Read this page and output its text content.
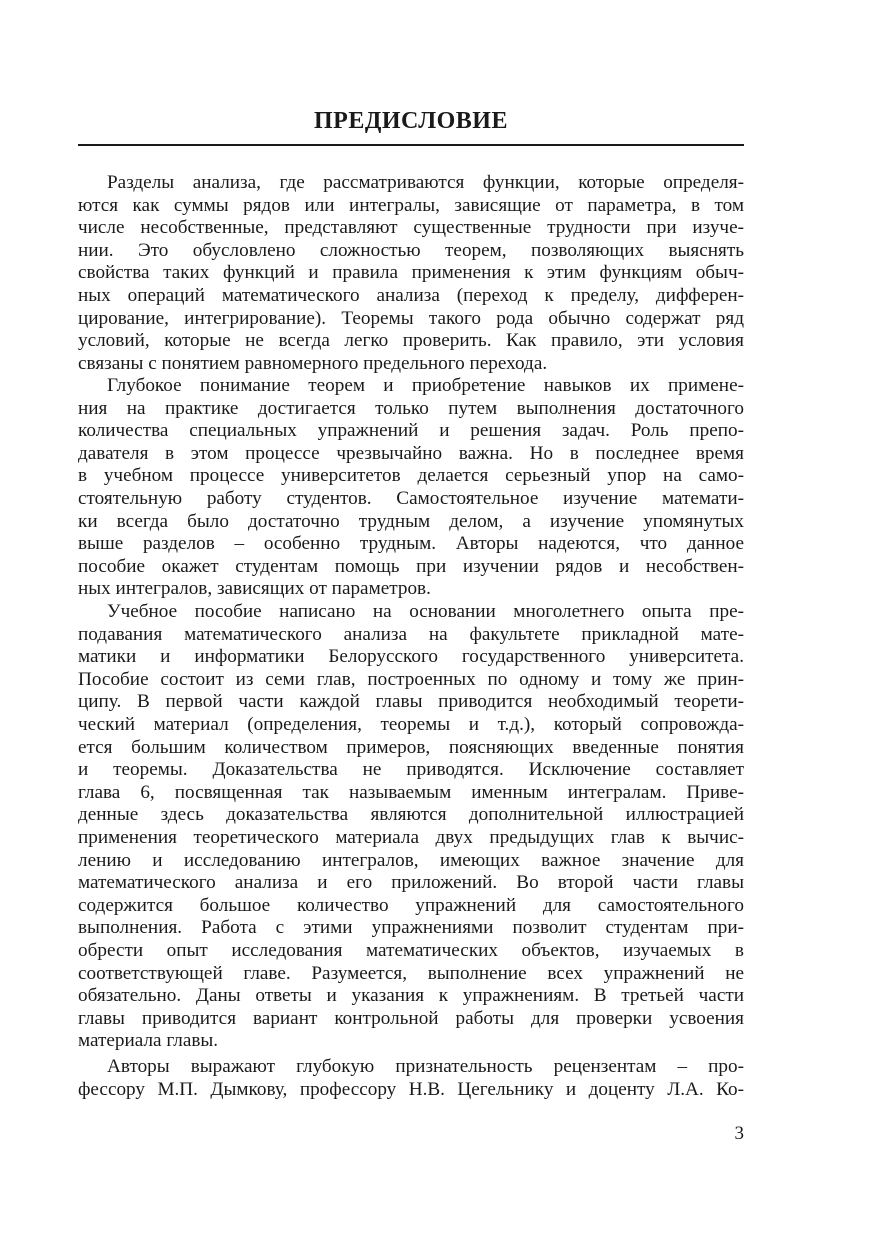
ПРЕДИСЛОВИЕ
Разделы анализа, где рассматриваются функции, которые определя-
ются как суммы рядов или интегралы, зависящие от параметра, в том
числе несобственные, представляют существенные трудности при изуче-
нии. Это обусловлено сложностью теорем, позволяющих выяснять
свойства таких функций и правила применения к этим функциям обыч-
ных операций математического анализа (переход к пределу, дифферен-
цирование, интегрирование). Теоремы такого рода обычно содержат ряд
условий, которые не всегда легко проверить. Как правило, эти условия
связаны с понятием равномерного предельного перехода.
Глубокое понимание теорем и приобретение навыков их примене-
ния на практике достигается только путем выполнения достаточного
количества специальных упражнений и решения задач. Роль препо-
давателя в этом процессе чрезвычайно важна. Но в последнее время
в учебном процессе университетов делается серьезный упор на само-
стоятельную работу студентов. Самостоятельное изучение математи-
ки всегда было достаточно трудным делом, а изучение упомянутых
выше разделов – особенно трудным. Авторы надеются, что данное
пособие окажет студентам помощь при изучении рядов и несобствен-
ных интегралов, зависящих от параметров.
Учебное пособие написано на основании многолетнего опыта пре-
подавания математического анализа на факультете прикладной мате-
матики и информатики Белорусского государственного университета.
Пособие состоит из семи глав, построенных по одному и тому же прин-
ципу. В первой части каждой главы приводится необходимый теорети-
ческий материал (определения, теоремы и т.д.), который сопровожда-
ется большим количеством примеров, поясняющих введенные понятия
и теоремы. Доказательства не приводятся. Исключение составляет
глава 6, посвященная так называемым именным интегралам. Приве-
денные здесь доказательства являются дополнительной иллюстрацией
применения теоретического материала двух предыдущих глав к вычис-
лению и исследованию интегралов, имеющих важное значение для
математического анализа и его приложений. Во второй части главы
содержится большое количество упражнений для самостоятельного
выполнения. Работа с этими упражнениями позволит студентам при-
обрести опыт исследования математических объектов, изучаемых в
соответствующей главе. Разумеется, выполнение всех упражнений не
обязательно. Даны ответы и указания к упражнениям. В третьей части
главы приводится вариант контрольной работы для проверки усвоения
материала главы.
Авторы выражают глубокую признательность рецензентам – про-
фессору М.П. Дымкову, профессору Н.В. Цегельнику и доценту Л.А. Ко-
3
